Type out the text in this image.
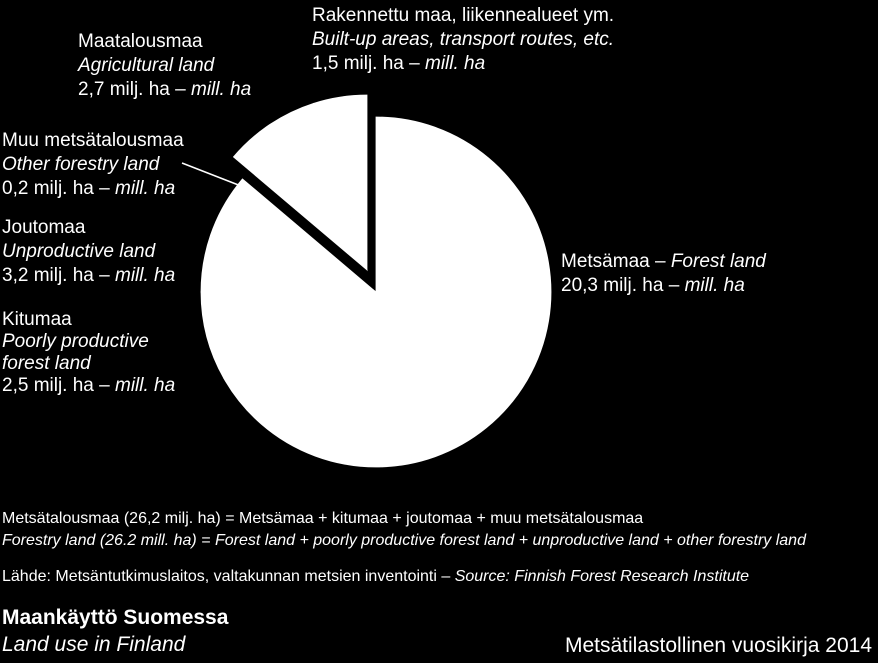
Rakennettu maa, liikennealueet ym.
Built-up areas, transport routes, etc.
1,5 milj. ha – mill. ha
Maatalousmaa
Agricultural land
2,7 milj. ha – mill. ha
Muu metsätalousmaa
Other forestry land
0,2 milj. ha – mill. ha
Joutomaa
Unproductive land
3,2 milj. ha – mill. ha
Kitumaa
Poorly productive
forest land
2,5 milj. ha – mill. ha
Metsämaa – Forest land
20,3 milj. ha – mill. ha
Metsätalousmaa (26,2 milj. ha) = Metsämaa + kitumaa + joutomaa + muu metsätalousmaa
Forestry land (26.2 mill. ha) = Forest land + poorly productive forest land + unproductive land + other forestry land
Lähde: Metsäntutkimuslaitos, valtakunnan metsien inventointi – Source: Finnish Forest Research Institute
Maankäyttö Suomessa
Land use in Finland	Metsätilastollinen vuosikirja 2014
